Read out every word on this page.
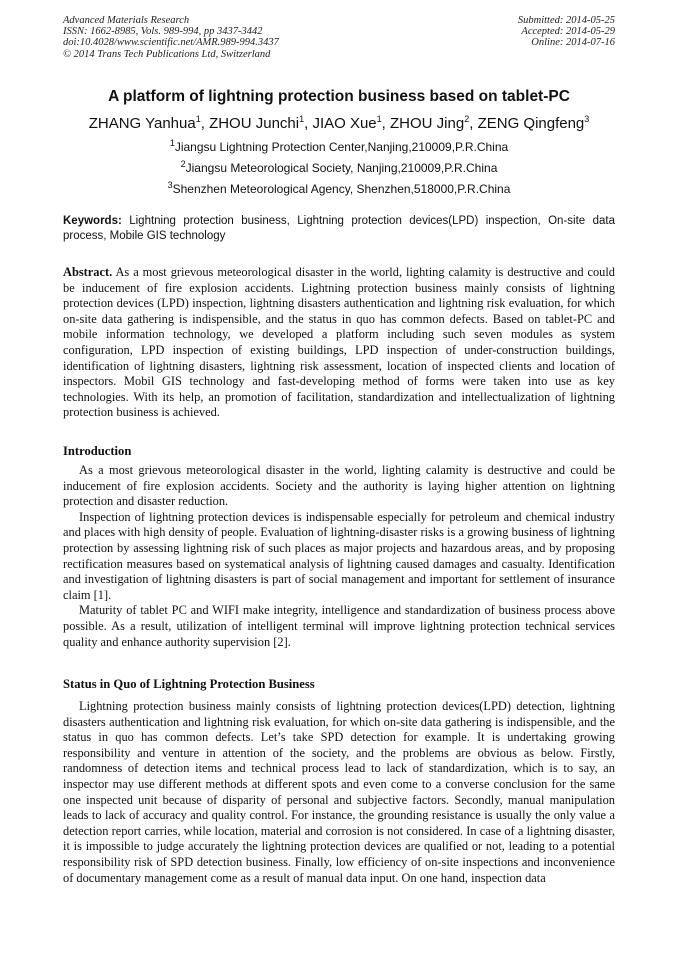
Advanced Materials Research
ISSN: 1662-8985, Vols. 989-994, pp 3437-3442
doi:10.4028/www.scientific.net/AMR.989-994.3437
© 2014 Trans Tech Publications Ltd, Switzerland
Submitted: 2014-05-25
Accepted: 2014-05-29
Online: 2014-07-16
A platform of lightning protection business based on tablet-PC
ZHANG Yanhua$^1$, ZHOU Junchi$^1$, JIAO Xue$^1$, ZHOU Jing$^2$, ZENG Qingfeng$^3$
$^1$Jiangsu Lightning Protection Center,Nanjing,210009,P.R.China
$^2$Jiangsu Meteorological Society, Nanjing,210009,P.R.China
$^3$Shenzhen Meteorological Agency, Shenzhen,518000,P.R.China
Keywords: Lightning protection business, Lightning protection devices(LPD) inspection, On-site data process, Mobile GIS technology

Abstract. As a most grievous meteorological disaster in the world, lighting calamity is destructive and could be inducement of fire explosion accidents. Lightning protection business mainly consists of lightning protection devices (LPD) inspection, lightning disasters authentication and lightning risk evaluation, for which on-site data gathering is indispensible, and the status in quo has common defects. Based on tablet-PC and mobile information technology, we developed a platform including such seven modules as system configuration, LPD inspection of existing buildings, LPD inspection of under-construction buildings, identification of lightning disasters, lightning risk assessment, location of inspected clients and location of inspectors. Mobil GIS technology and fast-developing method of forms were taken into use as key technologies. With its help, an promotion of facilitation, standardization and intellectualization of lightning protection business is achieved.

Introduction

As a most grievous meteorological disaster in the world, lighting calamity is destructive and could be inducement of fire explosion accidents. Society and the authority is laying higher attention on lightning protection and disaster reduction.

Inspection of lightning protection devices is indispensable especially for petroleum and chemical industry and places with high density of people. Evaluation of lightning-disaster risks is a growing business of lightning protection by assessing lightning risk of such places as major projects and hazardous areas, and by proposing rectification measures based on systematical analysis of lightning caused damages and casualty. Identification and investigation of lightning disasters is part of social management and important for settlement of insurance claim [1].

Maturity of tablet PC and WIFI make integrity, intelligence and standardization of business process above possible. As a result, utilization of intelligent terminal will improve lightning protection technical services quality and enhance authority supervision [2].

Status in Quo of Lightning Protection Business

Lightning protection business mainly consists of lightning protection devices(LPD) detection, lightning disasters authentication and lightning risk evaluation, for which on-site data gathering is indispensible, and the status in quo has common defects. Let’s take SPD detection for example. It is undertaking growing responsibility and venture in attention of the society, and the problems are obvious as below. Firstly, randomness of detection items and technical process lead to lack of standardization, which is to say, an inspector may use different methods at different spots and even come to a converse conclusion for the same one inspected unit because of disparity of personal and subjective factors. Secondly, manual manipulation leads to lack of accuracy and quality control. For instance, the grounding resistance is usually the only value a detection report carries, while location, material and corrosion is not considered. In case of a lightning disaster, it is impossible to judge accurately the lightning protection devices are qualified or not, leading to a potential responsibility risk of SPD detection business. Finally, low efficiency of on-site inspections and inconvenience of documentary management come as a result of manual data input. On one hand, inspection data
